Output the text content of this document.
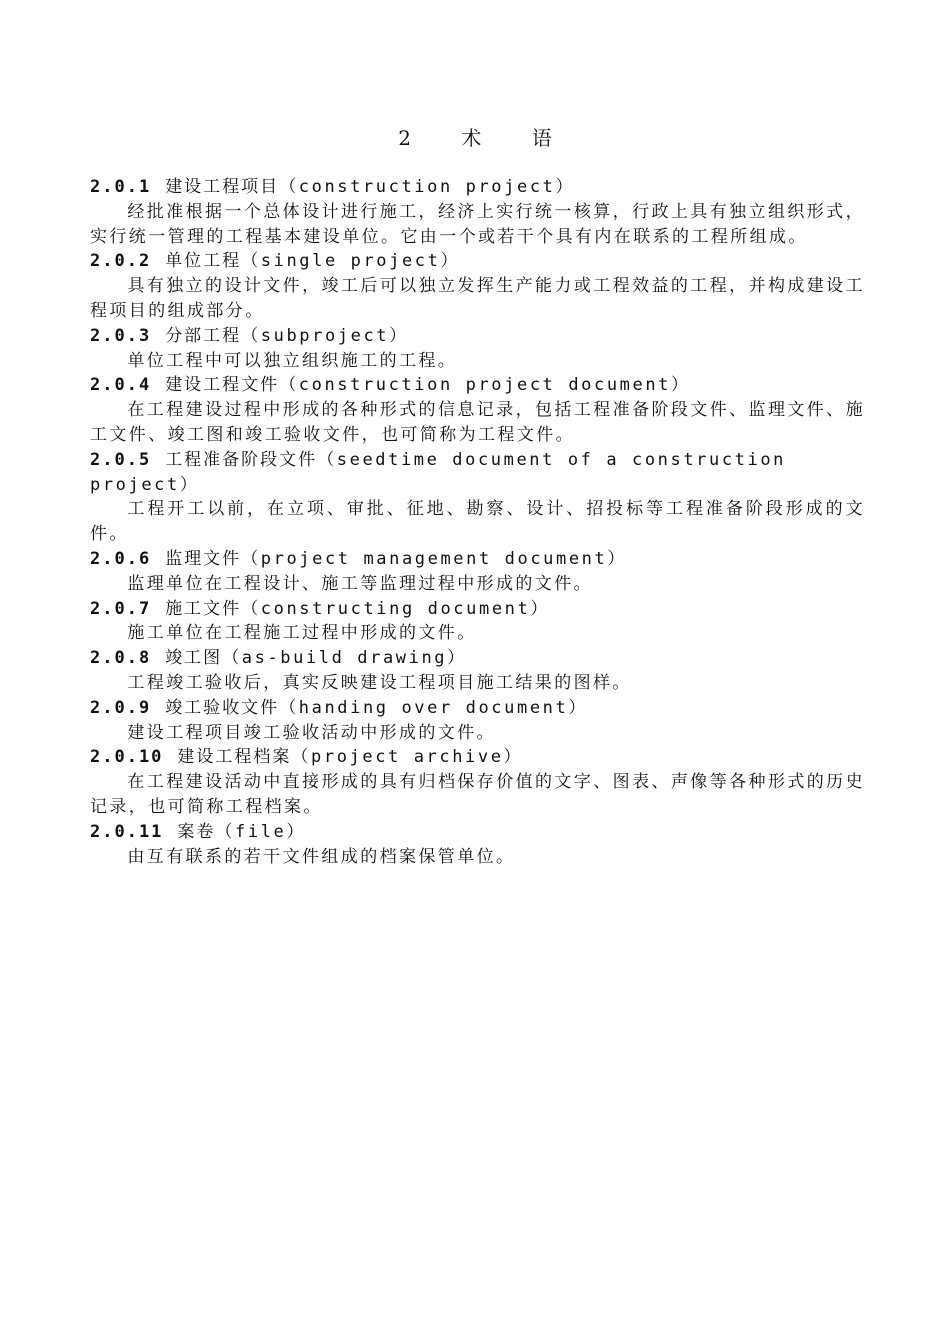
2 术 语

2.0.1 建设工程项目（construction project）

经批准根据一个总体设计进行施工，经济上实行统一核算，行政上具有独立组织形式，实行统一管理的工程基本建设单位。它由一个或若干个具有内在联系的工程所组成。

2.0.2 单位工程（single project）

具有独立的设计文件，竣工后可以独立发挥生产能力或工程效益的工程，并构成建设工程项目的组成部分。

2.0.3 分部工程（subproject）

单位工程中可以独立组织施工的工程。

2.0.4 建设工程文件（construction project document）

在工程建设过程中形成的各种形式的信息记录，包括工程准备阶段文件、监理文件、施工文件、竣工图和竣工验收文件，也可简称为工程文件。

2.0.5 工程准备阶段文件（seedtime document of a construction project）

工程开工以前，在立项、审批、征地、勘察、设计、招投标等工程准备阶段形成的文件。

2.0.6 监理文件（project management document）

监理单位在工程设计、施工等监理过程中形成的文件。

2.0.7 施工文件（constructing document）

施工单位在工程施工过程中形成的文件。

2.0.8 竣工图（as-build drawing）

工程竣工验收后，真实反映建设工程项目施工结果的图样。

2.0.9 竣工验收文件（handing over document）

建设工程项目竣工验收活动中形成的文件。

2.0.10 建设工程档案（project archive）

在工程建设活动中直接形成的具有归档保存价值的文字、图表、声像等各种形式的历史记录，也可简称工程档案。

2.0.11 案卷（file）

由互有联系的若干文件组成的档案保管单位。
